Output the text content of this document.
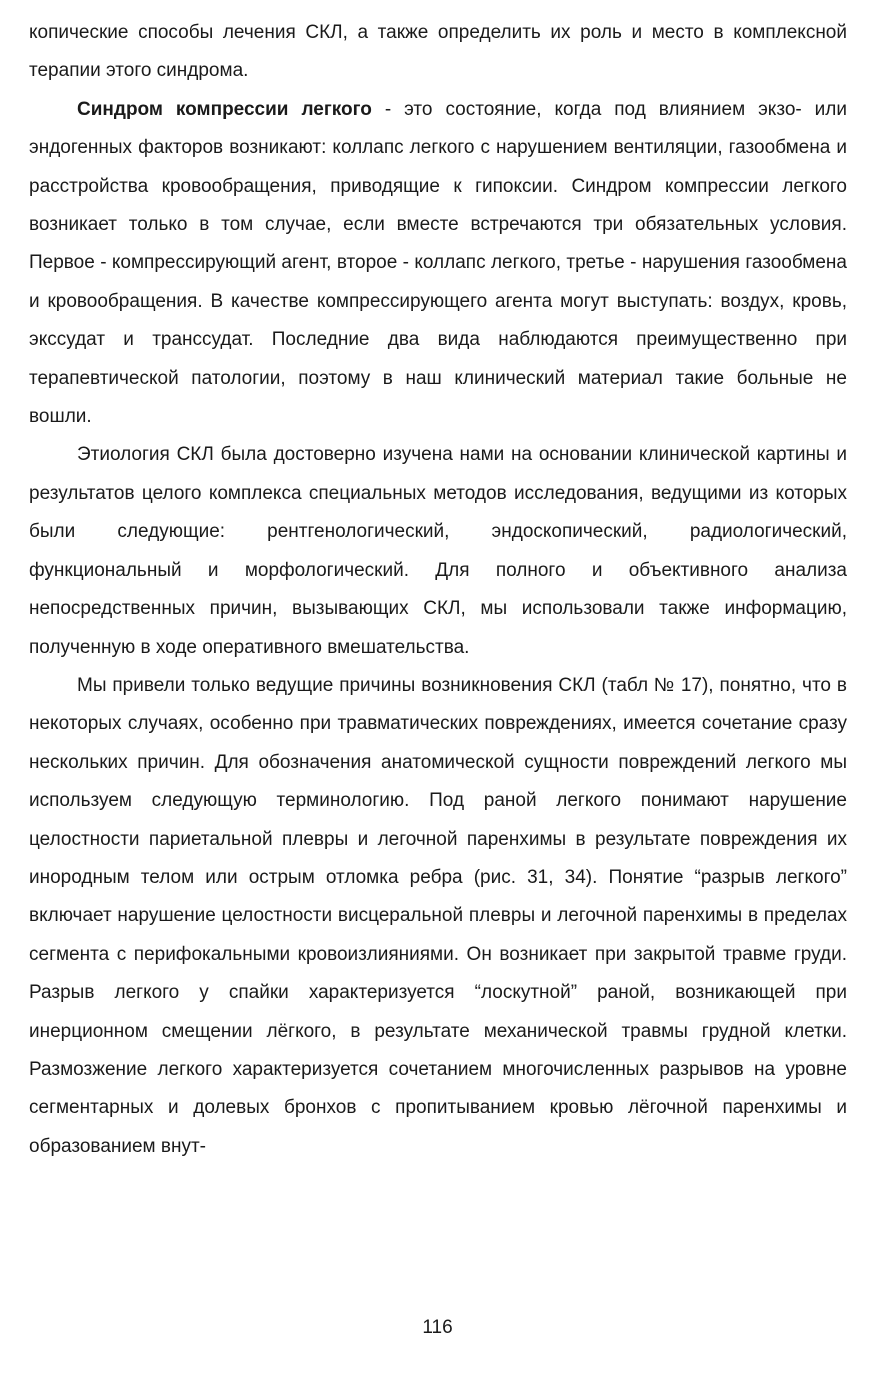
копические способы лечения СКЛ, а также определить их роль и место в комплексной терапии этого синдрома.

Синдром компрессии легкого - это состояние, когда под влиянием экзо- или эндогенных факторов возникают: коллапс легкого с нарушением вентиляции, газообмена и расстройства кровообращения, приводящие к гипоксии. Синдром компрессии легкого возникает только в том случае, если вместе встречаются три обязательных условия. Первое - компрессирующий агент, второе - коллапс легкого, третье - нарушения газообмена и кровообращения. В качестве компрессирующего агента могут выступать: воздух, кровь, экссудат и транссудат. Последние два вида наблюдаются преимущественно при терапевтической патологии, поэтому в наш клинический материал такие больные не вошли.

Этиология СКЛ была достоверно изучена нами на основании клинической картины и результатов целого комплекса специальных методов исследования, ведущими из которых были следующие: рентгенологический, эндоскопический, радиологический, функциональный и морфологический. Для полного и объективного анализа непосредственных причин, вызывающих СКЛ, мы использовали также информацию, полученную в ходе оперативного вмешательства.

Мы привели только ведущие причины возникновения СКЛ (табл № 17), понятно, что в некоторых случаях, особенно при травматических повреждениях, имеется сочетание сразу нескольких причин. Для обозначения анатомической сущности повреждений легкого мы используем следующую терминологию. Под раной легкого понимают нарушение целостности париетальной плевры и легочной паренхимы в результате повреждения их инородным телом или острым отломка ребра (рис. 31, 34). Понятие “разрыв легкого” включает нарушение целостности висцеральной плевры и легочной паренхимы в пределах сегмента с перифокальными кровоизлияниями. Он возникает при закрытой травме груди. Разрыв легкого у спайки характеризуется “лоскутной” раной, возникающей при инерционном смещении лёгкого, в результате механической травмы грудной клетки. Размозжение легкого характеризуется сочетанием многочисленных разрывов на уровне сегментарных и долевых бронхов с пропитыванием кровью лёгочной паренхимы и образованием внут-

116
